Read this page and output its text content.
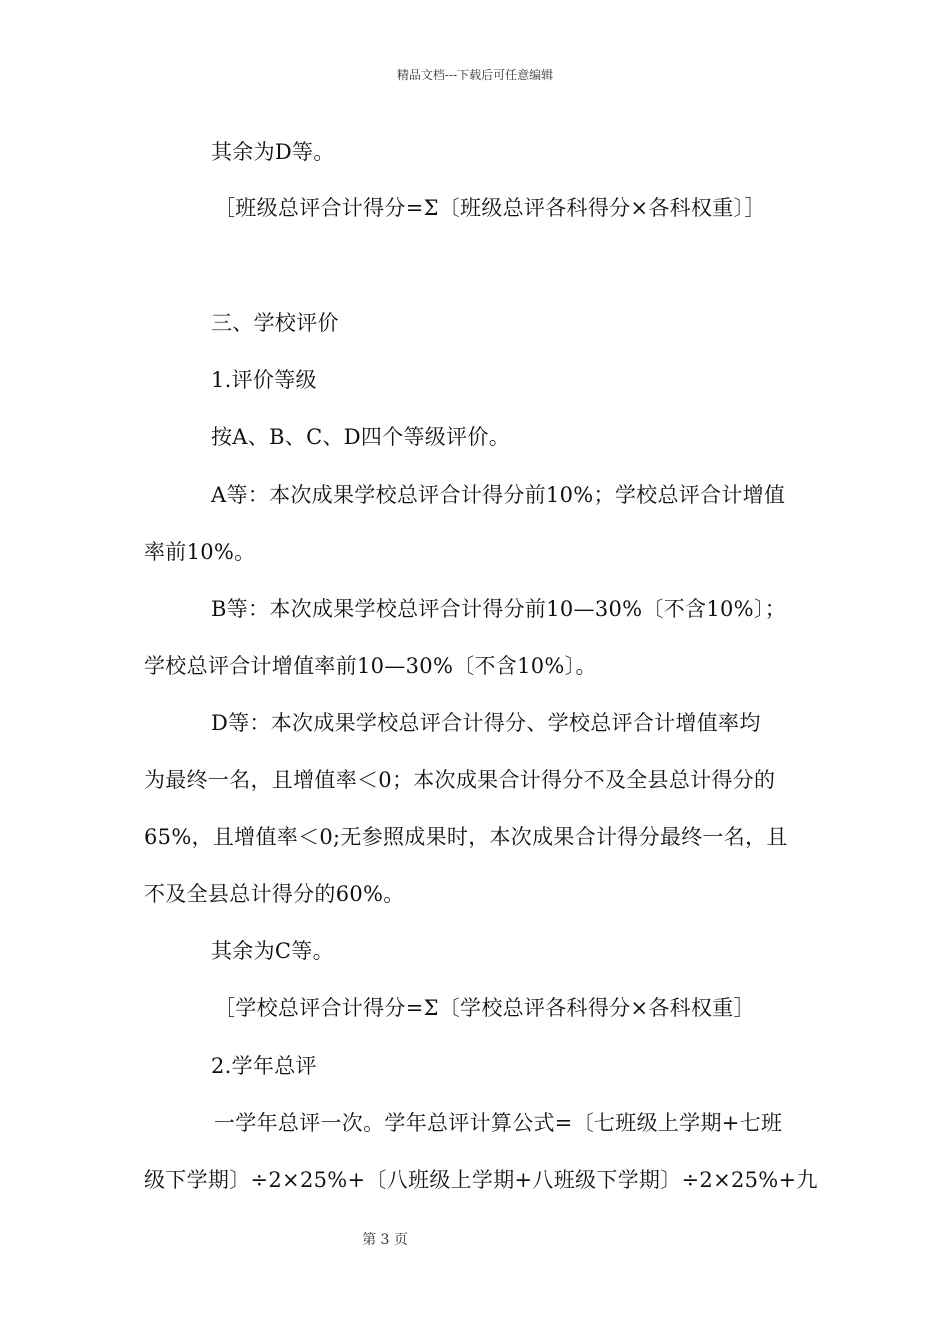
精品文档---下载后可任意编辑
其余为D等。
［班级总评合计得分=Σ〔班级总评各科得分×各科权重〕］
三、学校评价
1.评价等级
按A、B、C、D四个等级评价。
A等：本次成果学校总评合计得分前10%；学校总评合计增值
率前10%。
B等：本次成果学校总评合计得分前10—30%〔不含10%〕；
学校总评合计增值率前10—30%〔不含10%〕。
D等：本次成果学校总评合计得分、学校总评合计增值率均
为最终一名，且增值率＜0；本次成果合计得分不及全县总计得分的
65%，且增值率＜0;无参照成果时，本次成果合计得分最终一名，且
不及全县总计得分的60%。
其余为C等。
［学校总评合计得分=Σ〔学校总评各科得分×各科权重］
2.学年总评
一学年总评一次。学年总评计算公式=〔七班级上学期+七班
级下学期〕÷2×25%+〔八班级上学期+八班级下学期〕÷2×25%+九
第 3 页
